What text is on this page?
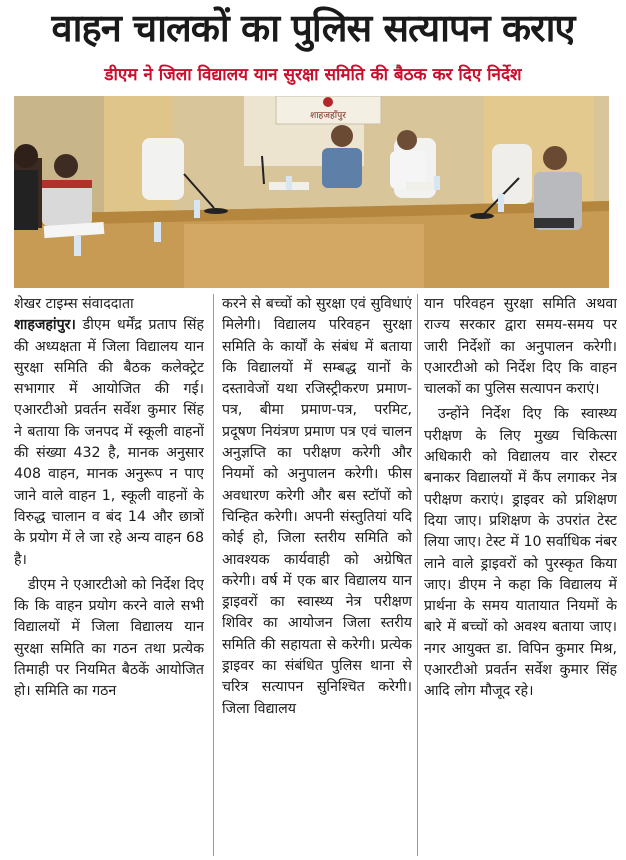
वाहन चालकों का पुलिस सत्यापन कराए
डीएम ने जिला विद्यालय यान सुरक्षा समिति की बैठक कर दिए निर्देश
शाहजहाँपुर
शेखर टाइम्स संवाददाता

शाहजहांपुर। डीएम धर्मेंद्र प्रताप सिंह की अध्यक्षता में जिला विद्यालय यान सुरक्षा समिति की बैठक कलेक्ट्रेट सभागार में आयोजित की गई। एआरटीओ प्रवर्तन सर्वेश कुमार सिंह ने बताया कि जनपद में स्कूली वाहनों की संख्या 432 है, मानक अनुसार 408 वाहन, मानक अनुरूप न पाए जाने वाले वाहन 1, स्कूली वाहनों के विरुद्ध चालान व बंद 14 और छात्रों के प्रयोग में ले जा रहे अन्य वाहन 68 है।

डीएम ने एआरटीओ को निर्देश दिए कि कि वाहन प्रयोग करने वाले सभी विद्यालयों में जिला विद्यालय यान सुरक्षा समिति का गठन तथा प्रत्येक तिमाही पर नियमित बैठकें आयोजित हो। समिति का गठन

करने से बच्चों को सुरक्षा एवं सुविधाएं मिलेगी। विद्यालय परिवहन सुरक्षा समिति के कार्यों के संबंध में बताया कि विद्यालयों में सम्बद्ध यानों के दस्तावेजों यथा रजिस्ट्रीकरण प्रमाण-पत्र, बीमा प्रमाण-पत्र, परमिट, प्रदूषण नियंत्रण प्रमाण पत्र एवं चालन अनुज्ञप्ति का परीक्षण करेगी और नियमों को अनुपालन करेगी। फीस अवधारण करेगी और बस स्टॉपों को चिन्हित करेगी। अपनी संस्तुतियां यदि कोई हो, जिला स्तरीय समिति को आवश्यक कार्यवाही को अग्रेषित करेगी। वर्ष में एक बार विद्यालय यान ड्राइवरों का स्वास्थ्य नेत्र परीक्षण शिविर का आयोजन जिला स्तरीय समिति की सहायता से करेगी। प्रत्येक ड्राइवर का संबंधित पुलिस थाना से चरित्र सत्यापन सुनिश्चित करेगी। जिला विद्यालय

यान परिवहन सुरक्षा समिति अथवा राज्य सरकार द्वारा समय-समय पर जारी निर्देशों का अनुपालन करेगी। एआरटीओ को निर्देश दिए कि वाहन चालकों का पुलिस सत्यापन कराएं।

उन्होंने निर्देश दिए कि स्वास्थ्य परीक्षण के लिए मुख्य चिकित्सा अधिकारी को विद्यालय वार रोस्टर बनाकर विद्यालयों में कैंप लगाकर नेत्र परीक्षण कराएं। ड्राइवर को प्रशिक्षण दिया जाए। प्रशिक्षण के उपरांत टेस्ट लिया जाए। टेस्ट में 10 सर्वाधिक नंबर लाने वाले ड्राइवरों को पुरस्कृत किया जाए। डीएम ने कहा कि विद्यालय में प्रार्थना के समय यातायात नियमों के बारे में बच्चों को अवश्य बताया जाए। नगर आयुक्त डा. विपिन कुमार मिश्र, एआरटीओ प्रवर्तन सर्वेश कुमार सिंह आदि लोग मौजूद रहे।
